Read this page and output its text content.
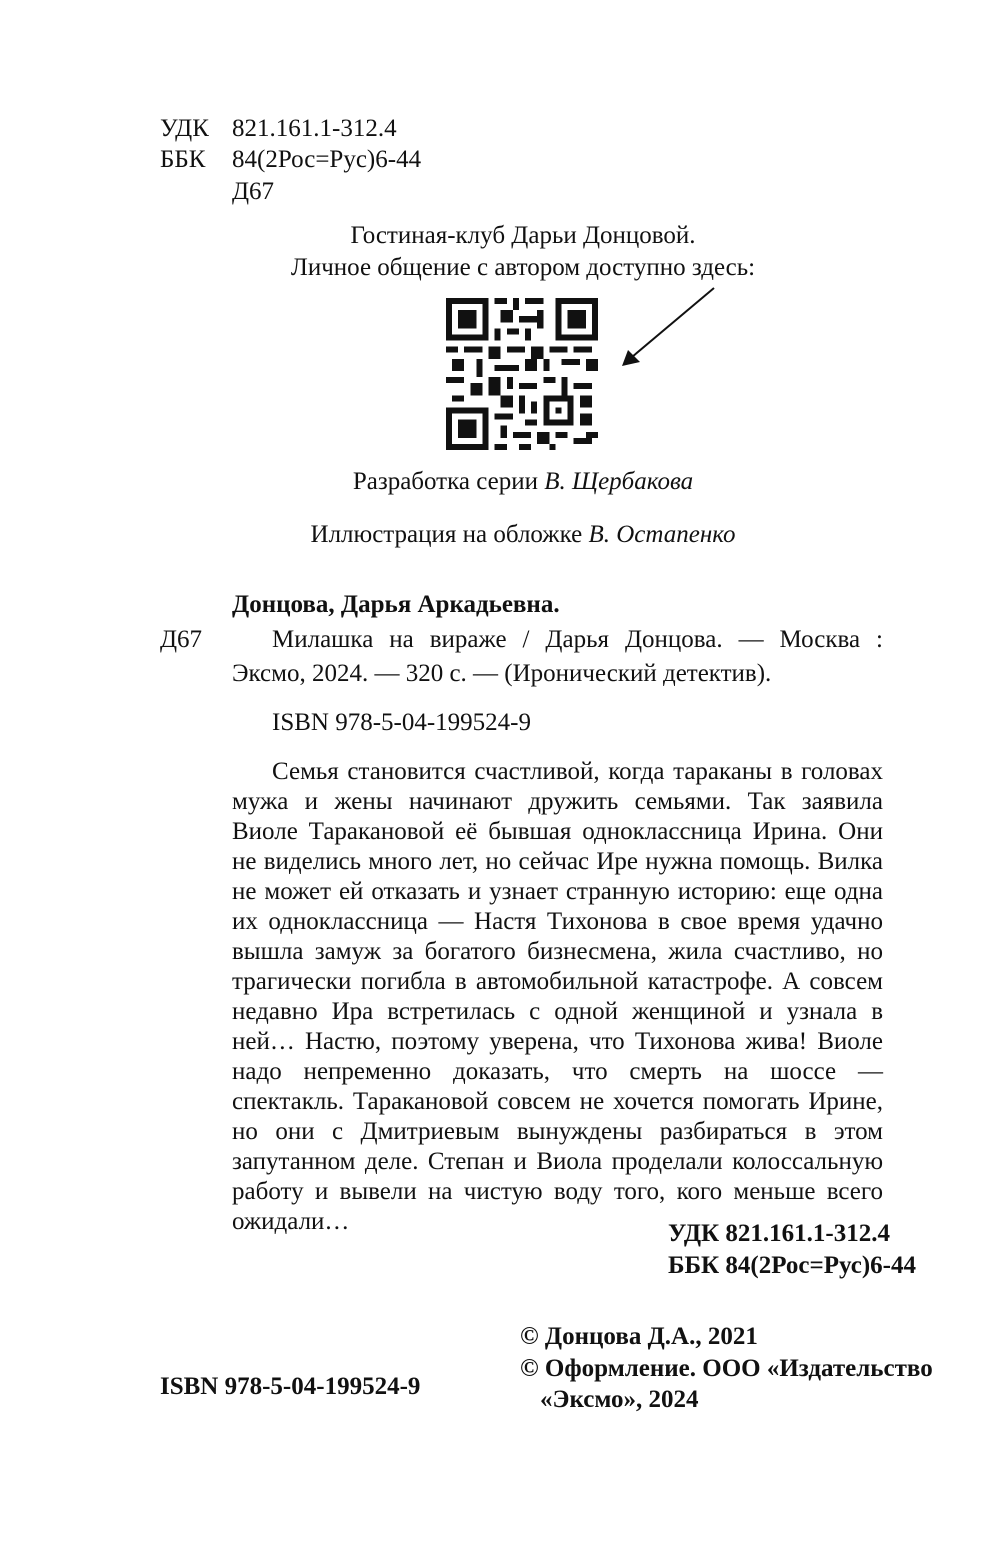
УДК 821.161.1-312.4
ББК 84(2Рос=Рус)6-44
Д67
Гостиная-клуб Дарьи Донцовой.
Личное общение с автором доступно здесь:
Разработка серии В. Щербакова
Иллюстрация на обложке В. Остапенко
Донцова, Дарья Аркадьевна.
Д67	Милашка на вираже / Дарья Донцова. — Москва :
Эксмо, 2024. — 320 с. — (Иронический детектив).
ISBN 978-5-04-199524-9
Семья становится счастливой, когда тараканы в головах мужа и жены начинают дружить семьями. Так заявила Виоле Таракановой её бывшая одноклассница Ирина. Они не виделись много лет, но сейчас Ире нужна помощь. Вилка не может ей отказать и узнает странную историю: еще одна их одноклассница — Настя Тихонова в свое время удачно вышла замуж за богатого бизнесмена, жила счастливо, но трагически погибла в автомобильной катастрофе. А совсем недавно Ира встретилась с одной женщиной и узнала в ней… Настю, поэтому уверена, что Тихонова жива! Виоле надо непременно доказать, что смерть на шоссе — спектакль. Таракановой совсем не хочется помогать Ирине, но они с Дмитриевым вынуждены разбираться в этом запутанном деле. Степан и Виола проделали колоссальную работу и вывели на чистую воду того, кого меньше всего ожидали…	УДК 821.161.1-312.4
ББК 84(2Рос=Рус)6-44
© Донцова Д.А., 2021
© Оформление. ООО «Издательство
«Эксмо», 2024
ISBN 978-5-04-199524-9
